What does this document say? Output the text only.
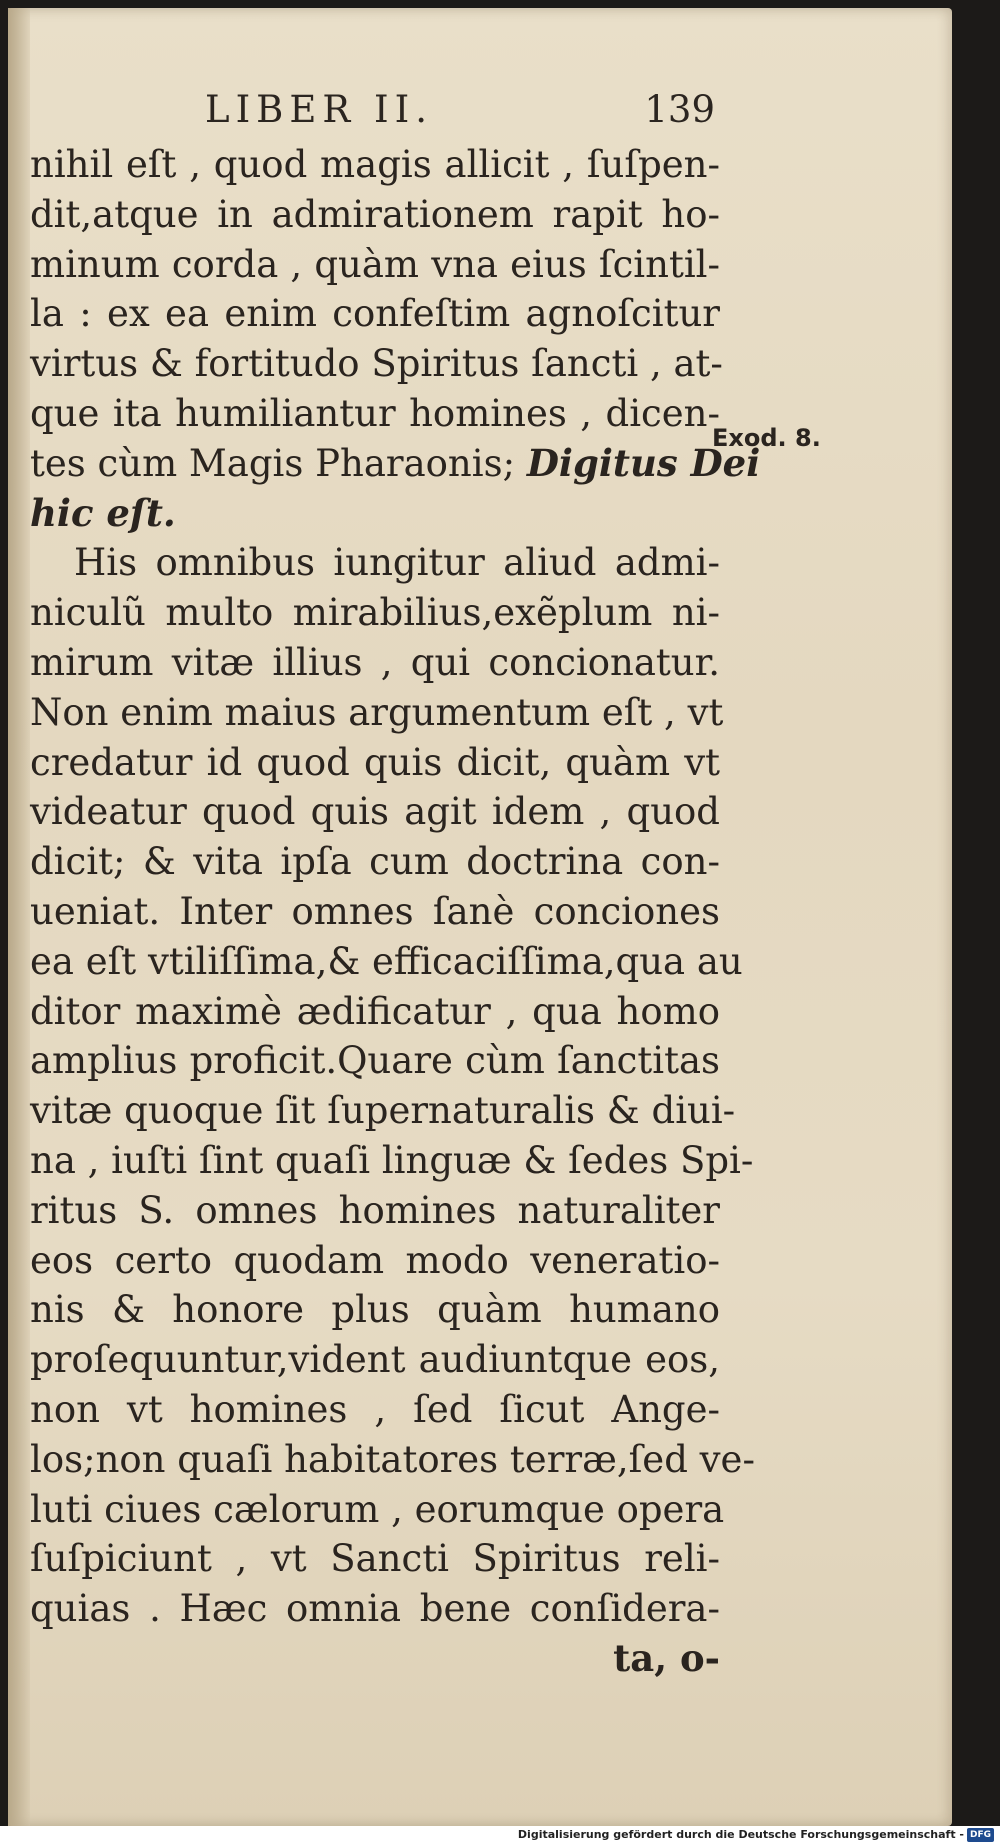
LIBER II.	139
nihil eſt , quod magis allicit , ſuſpen-
dit,atque in admirationem rapit ho-
minum corda , quàm vna eius ſcintil-
la : ex ea enim confeſtim agnoſcitur
virtus & fortitudo Spiritus ſancti , at-
que ita humiliantur homines , dicen-
tes cùm Magis Pharaonis; Digitus Dei
hic eſt.
His omnibus iungitur aliud admi-
niculũ multo mirabilius,exẽplum ni-
mirum vitæ illius , qui concionatur.
Non enim maius argumentum eſt , vt
credatur id quod quis dicit, quàm vt
videatur quod quis agit idem , quod
dicit; & vita ipſa cum doctrina con-
ueniat. Inter omnes ſanè conciones
ea eſt vtiliſſima,& efficaciſſima,qua au
ditor maximè ædificatur , qua homo
amplius proficit.Quare cùm ſanctitas
vitæ quoque ſit ſupernaturalis & diui-
na , iuſti ſint quaſi linguæ & ſedes Spi-
ritus S. omnes homines naturaliter
eos certo quodam modo veneratio-
nis & honore plus quàm humano
proſequuntur,vident audiuntque eos,
non vt homines , ſed ſicut Ange-
los;non quaſi habitatores terræ,ſed ve-
luti ciues cælorum , eorumque opera
ſuſpiciunt , vt Sancti Spiritus reli-
quias . Hæc omnia bene conſidera-
ta, o-
Exod. 8.
Digitalisierung gefördert durch die Deutsche Forschungsgemeinschaft - DFG
